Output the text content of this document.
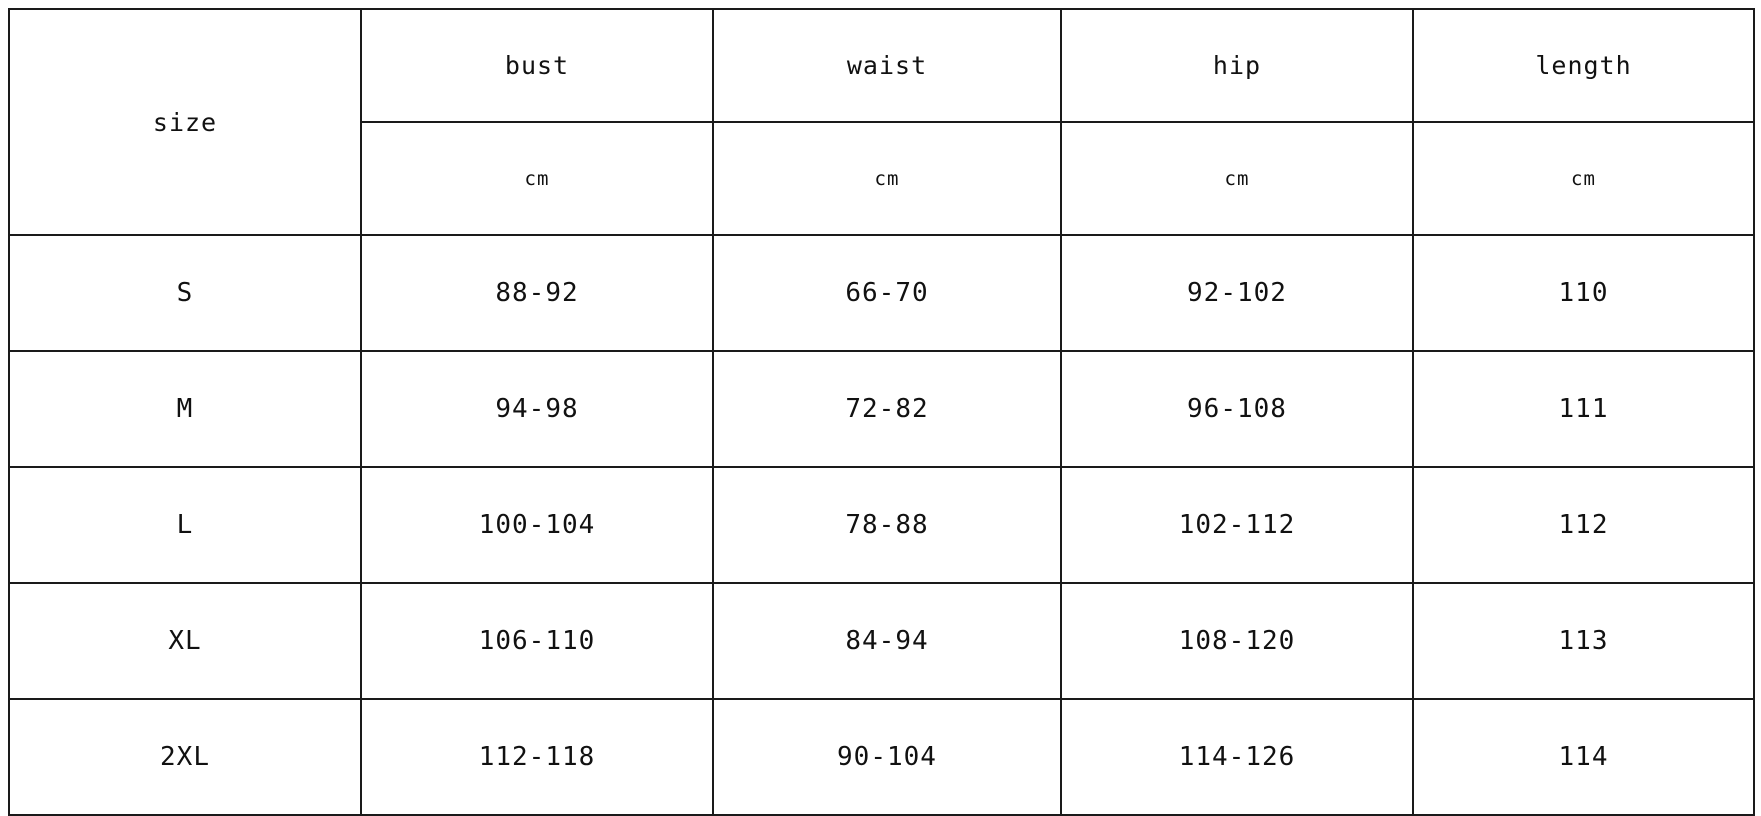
size	bust	waist	hip	length
	cm	cm	cm	cm
S	88-92	66-70	92-102	110
M	94-98	72-82	96-108	111
L	100-104	78-88	102-112	112
XL	106-110	84-94	108-120	113
2XL	112-118	90-104	114-126	114
